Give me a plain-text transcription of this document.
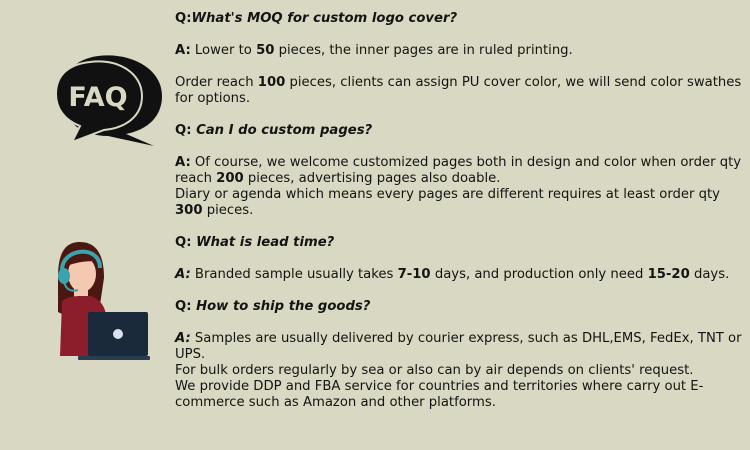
FAQ

Q:What's MOQ for custom logo cover?

A: Lower to 50 pieces, the inner pages are in ruled printing.

Order reach 100 pieces, clients can assign PU cover color, we will send color swathes for options.

Q: Can I do custom pages?

A: Of course, we welcome customized pages both in design and color when order qty reach 200 pieces, advertising pages also doable.

Diary or agenda which means every pages are different requires at least order qty 300 pieces.

Q: What is lead time?

A: Branded sample usually takes 7-10 days, and production only need 15-20 days.

Q: How to ship the goods?

A: Samples are usually delivered by courier express, such as DHL,EMS, FedEx, TNT or UPS.

For bulk orders regularly by sea or also can by air depends on clients' request.

We provide DDP and FBA service for countries and territories where carry out E-commerce such as Amazon and other platforms.
